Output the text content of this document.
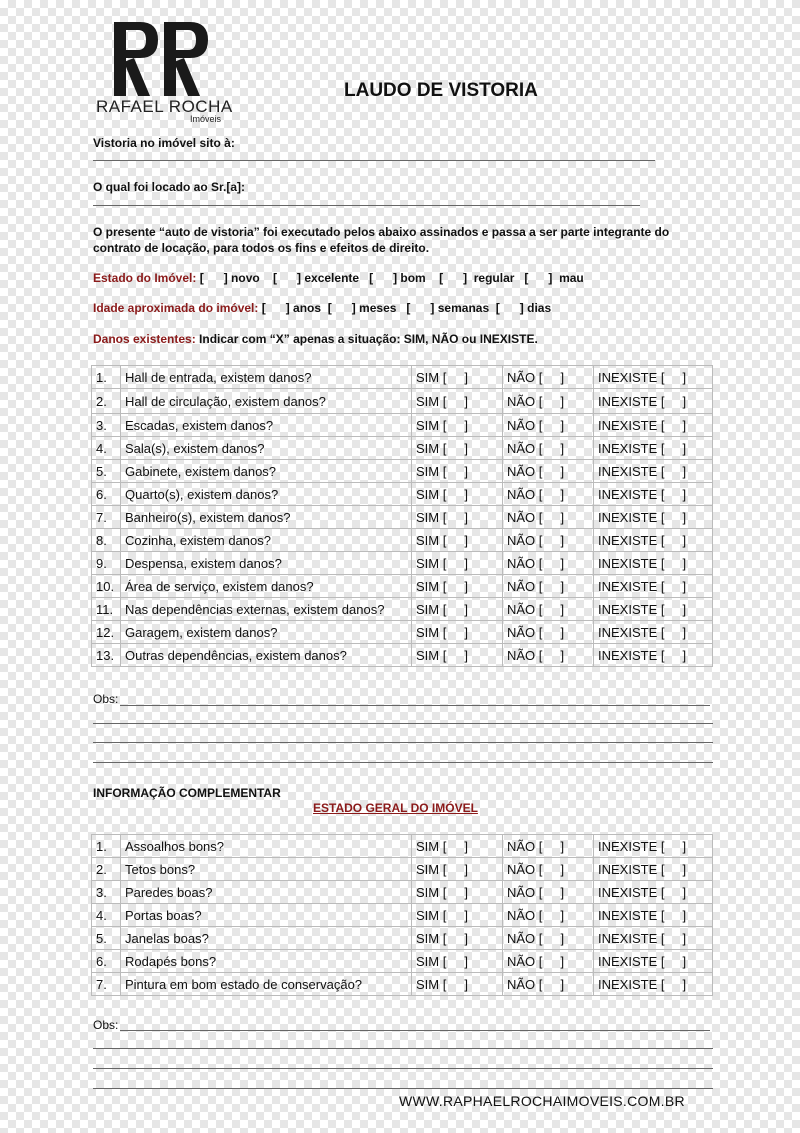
RAFAEL ROCHA
Imóveis
LAUDO DE VISTORIA
Vistoria no imóvel sito à:
O qual foi locado ao Sr.[a]:
O presente “auto de vistoria” foi executado pelos abaixo assinados e passa a ser parte integrante do contrato de locação, para todos os fins e efeitos de direito.
Estado do Imóvel: [      ] novo    [      ] excelente   [      ] bom    [      ]  regular   [      ]  mau
Idade aproximada do imóvel: [      ] anos  [      ] meses   [      ] semanas  [      ] dias
Danos existentes: Indicar com “X” apenas a situação: SIM, NÃO ou INEXISTE.
1.	Hall de entrada, existem danos?	SIM [     ]	NÃO [     ]	INEXISTE [     ]
2.	Hall de circulação, existem danos?	SIM [     ]	NÃO [     ]	INEXISTE [     ]
3.	Escadas, existem danos?	SIM [     ]	NÃO [     ]	INEXISTE [     ]
4.	Sala(s), existem danos?	SIM [     ]	NÃO [     ]	INEXISTE [     ]
5.	Gabinete, existem danos?	SIM [     ]	NÃO [     ]	INEXISTE [     ]
6.	Quarto(s), existem danos?	SIM [     ]	NÃO [     ]	INEXISTE [     ]
7.	Banheiro(s), existem danos?	SIM [     ]	NÃO [     ]	INEXISTE [     ]
8.	Cozinha, existem danos?	SIM [     ]	NÃO [     ]	INEXISTE [     ]
9.	Despensa, existem danos?	SIM [     ]	NÃO [     ]	INEXISTE [     ]
10.	Área de serviço, existem danos?	SIM [     ]	NÃO [     ]	INEXISTE [     ]
11.	Nas dependências externas, existem danos?	SIM [     ]	NÃO [     ]	INEXISTE [     ]
12.	Garagem, existem danos?	SIM [     ]	NÃO [     ]	INEXISTE [     ]
13.	Outras dependências, existem danos?	SIM [     ]	NÃO [     ]	INEXISTE [     ]
Obs:
INFORMAÇÃO COMPLEMENTAR
ESTADO GERAL DO IMÓVEL
1.	Assoalhos bons?	SIM [     ]	NÃO [     ]	INEXISTE [     ]
2.	Tetos bons?	SIM [     ]	NÃO [     ]	INEXISTE [     ]
3.	Paredes boas?	SIM [     ]	NÃO [     ]	INEXISTE [     ]
4.	Portas boas?	SIM [     ]	NÃO [     ]	INEXISTE [     ]
5.	Janelas boas?	SIM [     ]	NÃO [     ]	INEXISTE [     ]
6.	Rodapés bons?	SIM [     ]	NÃO [     ]	INEXISTE [     ]
7.	Pintura em bom estado de conservação?	SIM [     ]	NÃO [     ]	INEXISTE [     ]
Obs:
WWW.RAPHAELROCHAIMOVEIS.COM.BR
